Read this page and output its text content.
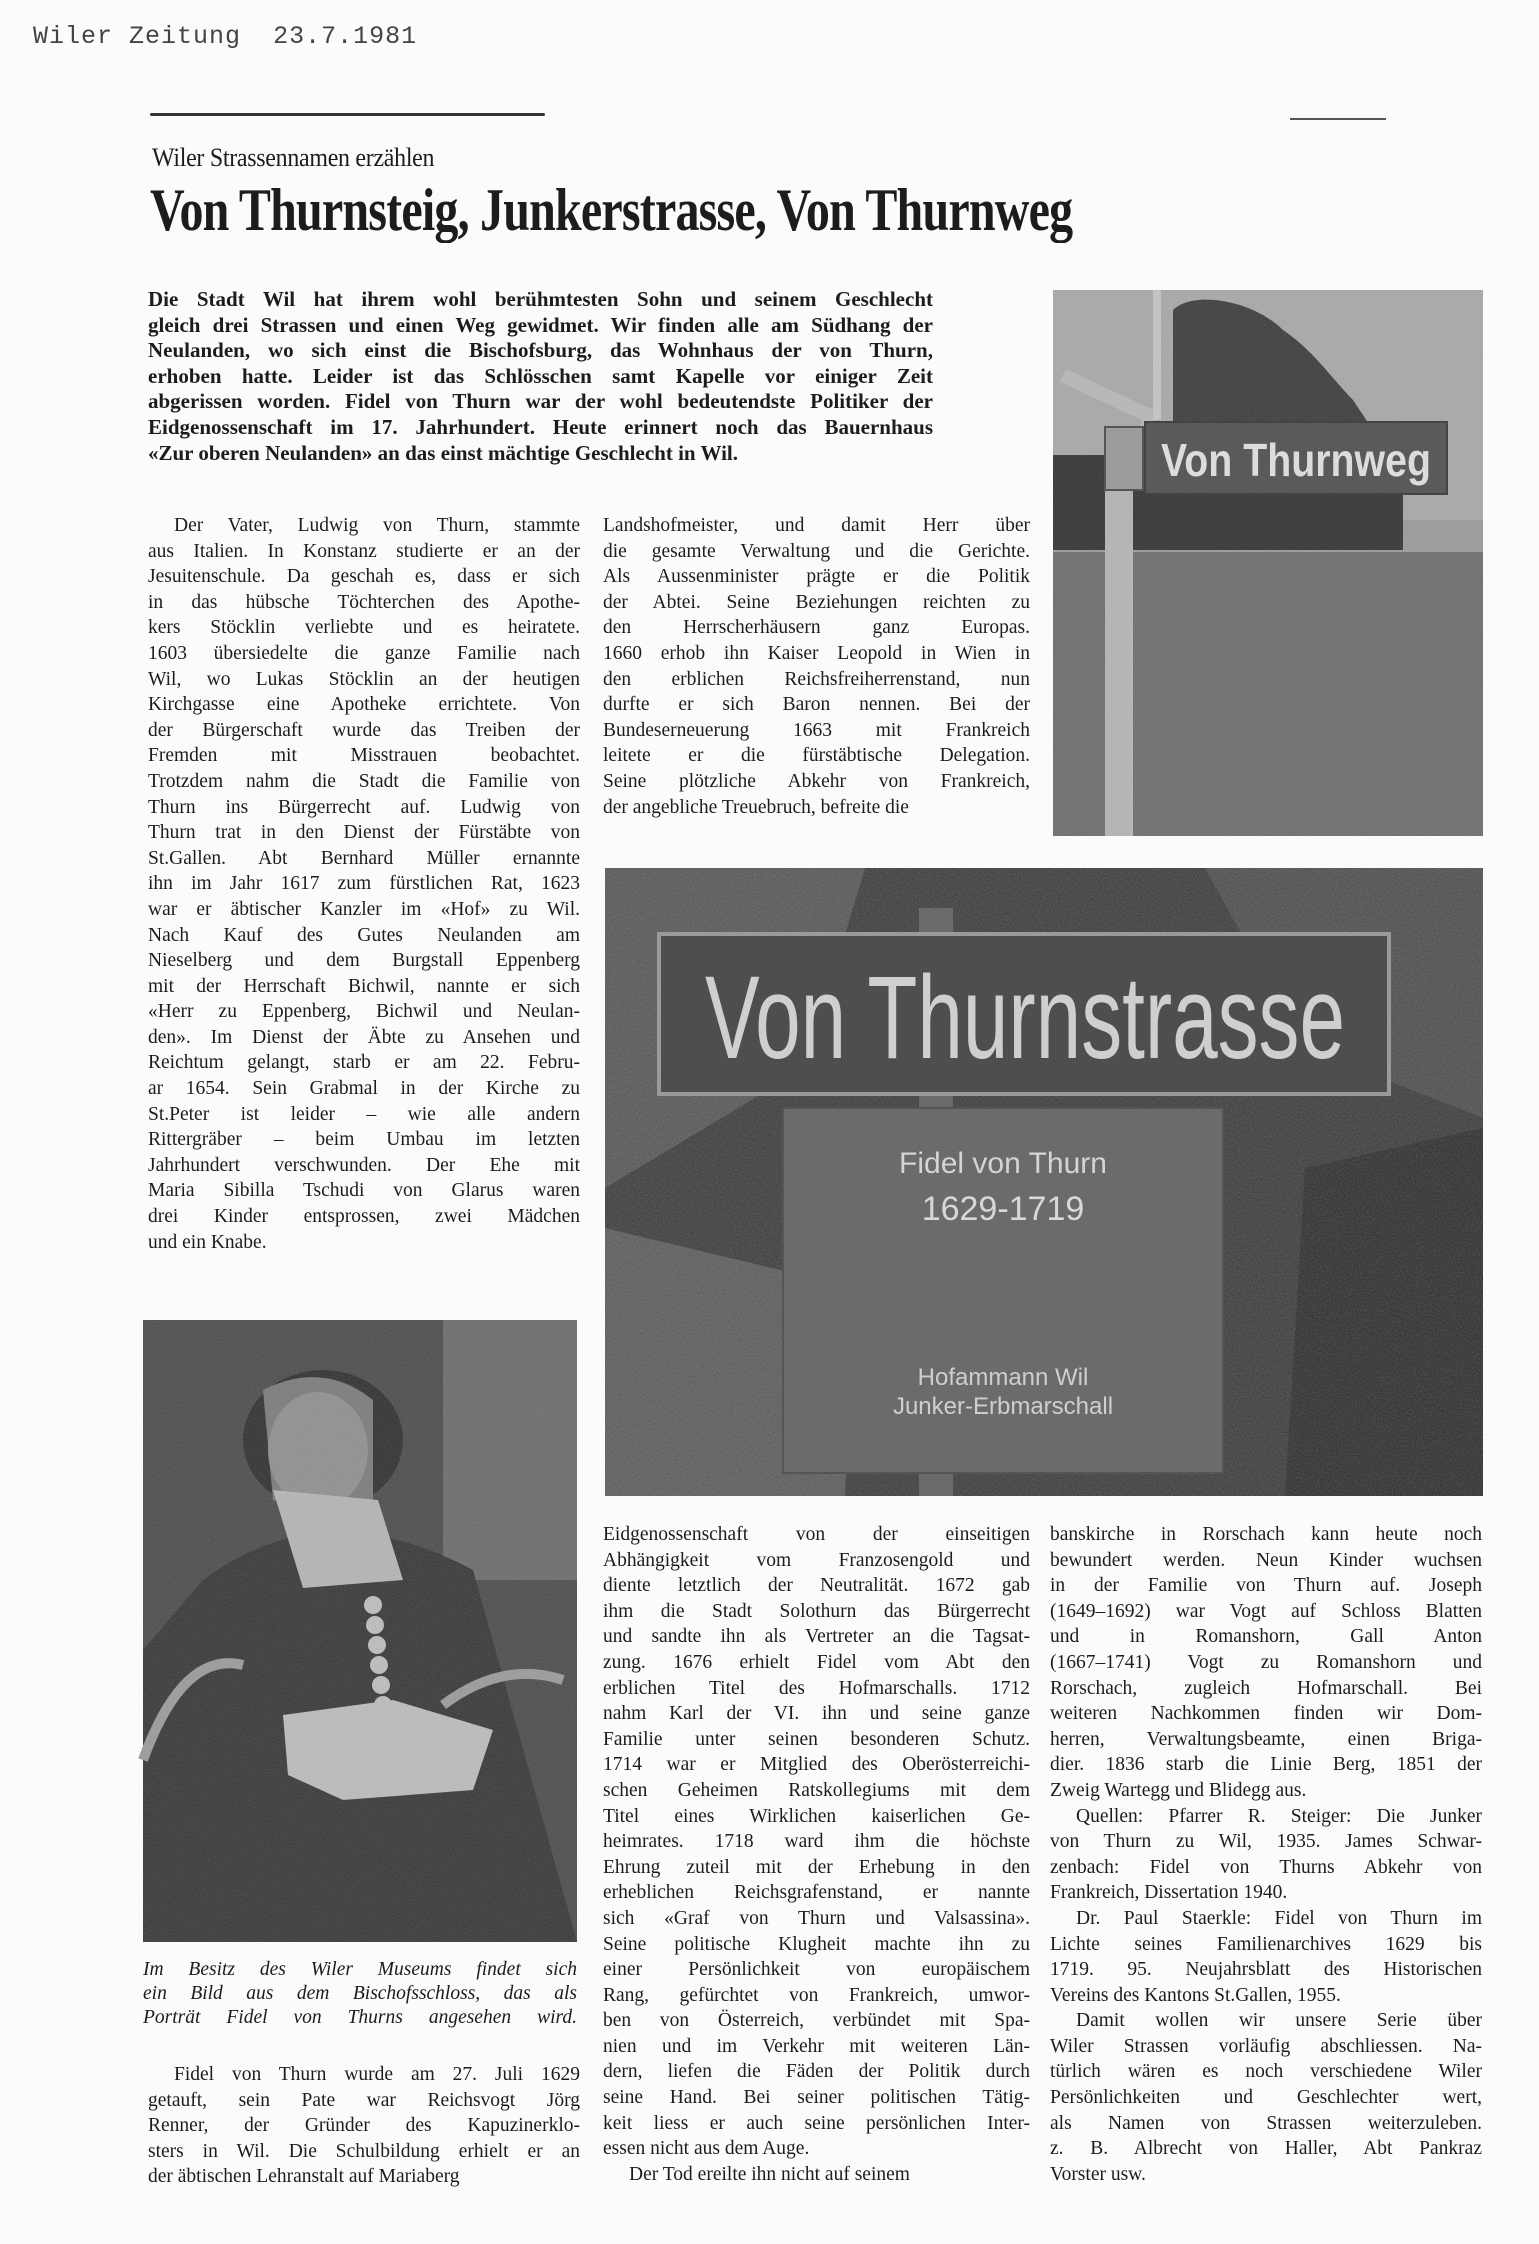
Wiler Zeitung 23.7.1981
Wiler Strassennamen erzählen
Von Thurnsteig, Junkerstrasse, Von Thurnweg
Die Stadt Wil hat ihrem wohl berühmtesten Sohn und seinem Geschlecht
gleich drei Strassen und einen Weg gewidmet. Wir finden alle am Südhang der
Neulanden, wo sich einst die Bischofsburg, das Wohnhaus der von Thurn,
erhoben hatte. Leider ist das Schlösschen samt Kapelle vor einiger Zeit
abgerissen worden. Fidel von Thurn war der wohl bedeutendste Politiker der
Eidgenossenschaft im 17. Jahrhundert. Heute erinnert noch das Bauernhaus
«Zur oberen Neulanden» an das einst mächtige Geschlecht in Wil.	Von Thurnweg
Der Vater, Ludwig von Thurn, stammte
aus Italien. In Konstanz studierte er an der
Jesuitenschule. Da geschah es, dass er sich
in das hübsche Töchterchen des Apothe-
kers Stöcklin verliebte und es heiratete.
1603 übersiedelte die ganze Familie nach
Wil, wo Lukas Stöcklin an der heutigen
Kirchgasse eine Apotheke errichtete. Von
der Bürgerschaft wurde das Treiben der
Fremden mit Misstrauen beobachtet.
Trotzdem nahm die Stadt die Familie von
Thurn ins Bürgerrecht auf. Ludwig von
Thurn trat in den Dienst der Fürstäbte von
St.Gallen. Abt Bernhard Müller ernannte
ihn im Jahr 1617 zum fürstlichen Rat, 1623
war er äbtischer Kanzler im «Hof» zu Wil.
Nach Kauf des Gutes Neulanden am
Nieselberg und dem Burgstall Eppenberg
mit der Herrschaft Bichwil, nannte er sich
«Herr zu Eppenberg, Bichwil und Neulan-
den». Im Dienst der Äbte zu Ansehen und
Reichtum gelangt, starb er am 22. Febru-
ar 1654. Sein Grabmal in der Kirche zu
St.Peter ist leider – wie alle andern
Rittergräber – beim Umbau im letzten
Jahrhundert verschwunden. Der Ehe mit
Maria Sibilla Tschudi von Glarus waren
drei Kinder entsprossen, zwei Mädchen
und ein Knabe.
Landshofmeister, und damit Herr über
die gesamte Verwaltung und die Gerichte.
Als Aussenminister prägte er die Politik
der Abtei. Seine Beziehungen reichten zu
den Herrscherhäusern ganz Europas.
1660 erhob ihn Kaiser Leopold in Wien in
den erblichen Reichsfreiherrenstand, nun
durfte er sich Baron nennen. Bei der
Bundeserneuerung 1663 mit Frankreich
leitete er die fürstäbtische Delegation.
Seine plötzliche Abkehr von Frankreich,
der angebliche Treuebruch, befreite die
Von Thurnstrasse
Fidel von Thurn
1629-1719
Hofammann Wil
Junker-Erbmarschall
Im Besitz des Wiler Museums findet sich
ein Bild aus dem Bischofsschloss, das als
Porträt Fidel von Thurns angesehen wird.
Fidel von Thurn wurde am 27. Juli 1629
getauft, sein Pate war Reichsvogt Jörg
Renner, der Gründer des Kapuzinerklo-
sters in Wil. Die Schulbildung erhielt er an
der äbtischen Lehranstalt auf Mariaberg
Eidgenossenschaft von der einseitigen
Abhängigkeit vom Franzosengold und
diente letztlich der Neutralität. 1672 gab
ihm die Stadt Solothurn das Bürgerrecht
und sandte ihn als Vertreter an die Tagsat-
zung. 1676 erhielt Fidel vom Abt den
erblichen Titel des Hofmarschalls. 1712
nahm Karl der VI. ihn und seine ganze
Familie unter seinen besonderen Schutz.
1714 war er Mitglied des Oberösterreichi-
schen Geheimen Ratskollegiums mit dem
Titel eines Wirklichen kaiserlichen Ge-
heimrates. 1718 ward ihm die höchste
Ehrung zuteil mit der Erhebung in den
erheblichen Reichsgrafenstand, er nannte
sich «Graf von Thurn und Valsassina».
Seine politische Klugheit machte ihn zu
einer Persönlichkeit von europäischem
Rang, gefürchtet von Frankreich, umwor-
ben von Österreich, verbündet mit Spa-
nien und im Verkehr mit weiteren Län-
dern, liefen die Fäden der Politik durch
seine Hand. Bei seiner politischen Tätig-
keit liess er auch seine persönlichen Inter-
essen nicht aus dem Auge.
Der Tod ereilte ihn nicht auf seinem
banskirche in Rorschach kann heute noch
bewundert werden. Neun Kinder wuchsen
in der Familie von Thurn auf. Joseph
(1649–1692) war Vogt auf Schloss Blatten
und in Romanshorn, Gall Anton
(1667–1741) Vogt zu Romanshorn und
Rorschach, zugleich Hofmarschall. Bei
weiteren Nachkommen finden wir Dom-
herren, Verwaltungsbeamte, einen Briga-
dier. 1836 starb die Linie Berg, 1851 der
Zweig Wartegg und Blidegg aus.
Quellen: Pfarrer R. Steiger: Die Junker
von Thurn zu Wil, 1935. James Schwar-
zenbach: Fidel von Thurns Abkehr von
Frankreich, Dissertation 1940.
Dr. Paul Staerkle: Fidel von Thurn im
Lichte seines Familienarchives 1629 bis
1719. 95. Neujahrsblatt des Historischen
Vereins des Kantons St.Gallen, 1955.
Damit wollen wir unsere Serie über
Wiler Strassen vorläufig abschliessen. Na-
türlich wären es noch verschiedene Wiler
Persönlichkeiten und Geschlechter wert,
als Namen von Strassen weiterzuleben.
z. B. Albrecht von Haller, Abt Pankraz
Vorster usw.
